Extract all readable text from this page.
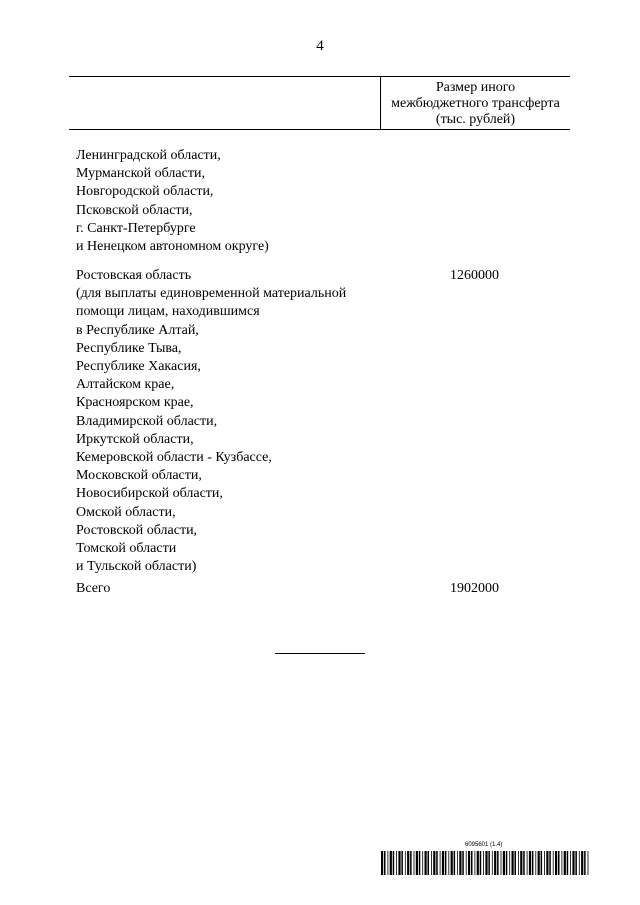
4
Размер иного
межбюджетного трансферта
(тыс. рублей)
Ленинградской области,
Мурманской области,
Новгородской области,
Псковской области,
г. Санкт-Петербурге
и Ненецком автономном округе)
Ростовская область
(для выплаты единовременной материальной
помощи лицам, находившимся
в Республике Алтай,
Республике Тыва,
Республике Хакасия,
Алтайском крае,
Красноярском крае,
Владимирской области,
Иркутской области,
Кемеровской области - Кузбассе,
Московской области,
Новосибирской области,
Омской области,
Ростовской области,
Томской области
и Тульской области)
1260000
Всего	1902000
6095601 (1.4)
